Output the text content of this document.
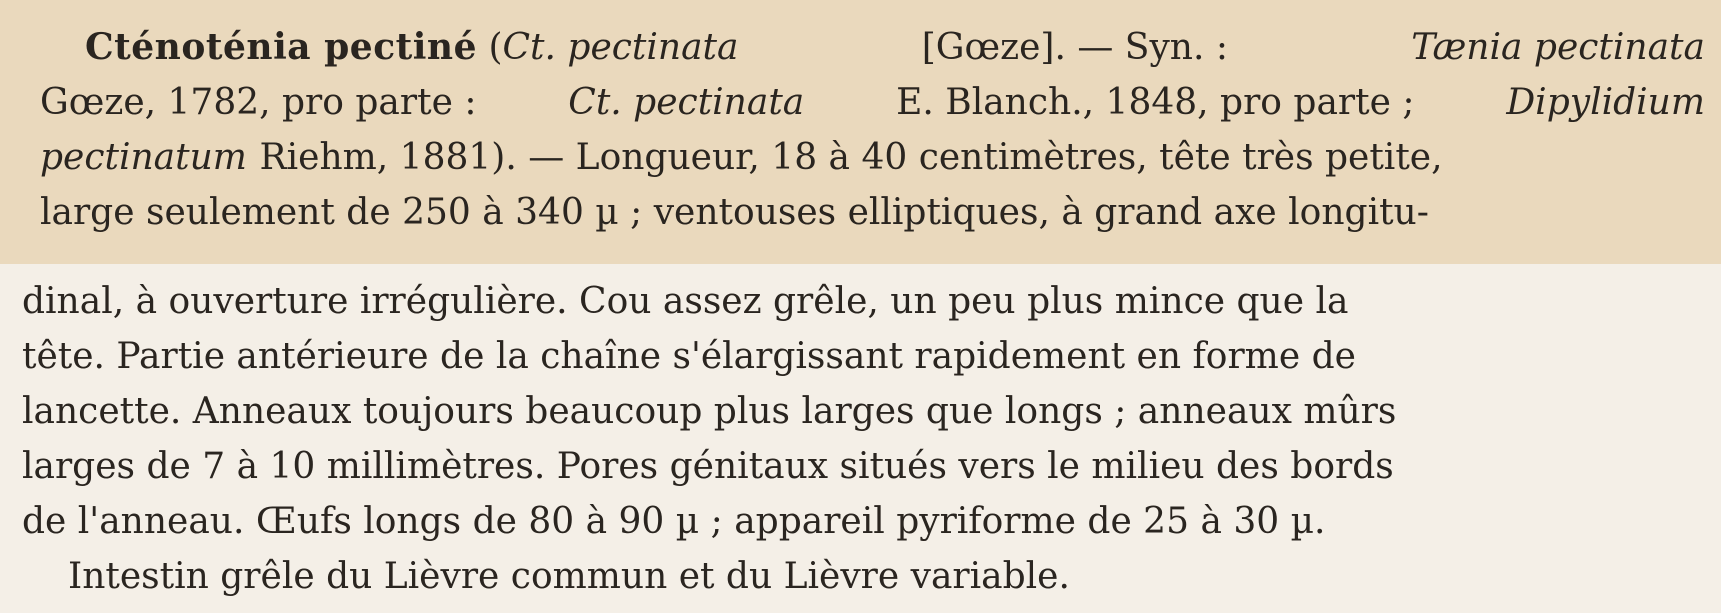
Cténoténia pectiné (Ct. pectinata	[Gœze]. — Syn. :	Tænia pectinata
Gœze, 1782, pro parte :	Ct. pectinata	E. Blanch., 1848, pro parte ;	Dipylidium
pectinatum Riehm, 1881). — Longueur, 18 à 40 centimètres, tête très petite,
large seulement de 250 à 340 µ ; ventouses elliptiques, à grand axe longitu-
dinal, à ouverture irrégulière. Cou assez grêle, un peu plus mince que la
tête. Partie antérieure de la chaîne s'élargissant rapidement en forme de
lancette. Anneaux toujours beaucoup plus larges que longs ; anneaux mûrs
larges de 7 à 10 millimètres. Pores génitaux situés vers le milieu des bords
de l'anneau. Œufs longs de 80 à 90 µ ; appareil pyriforme de 25 à 30 µ.
Intestin grêle du Lièvre commun et du Lièvre variable.
